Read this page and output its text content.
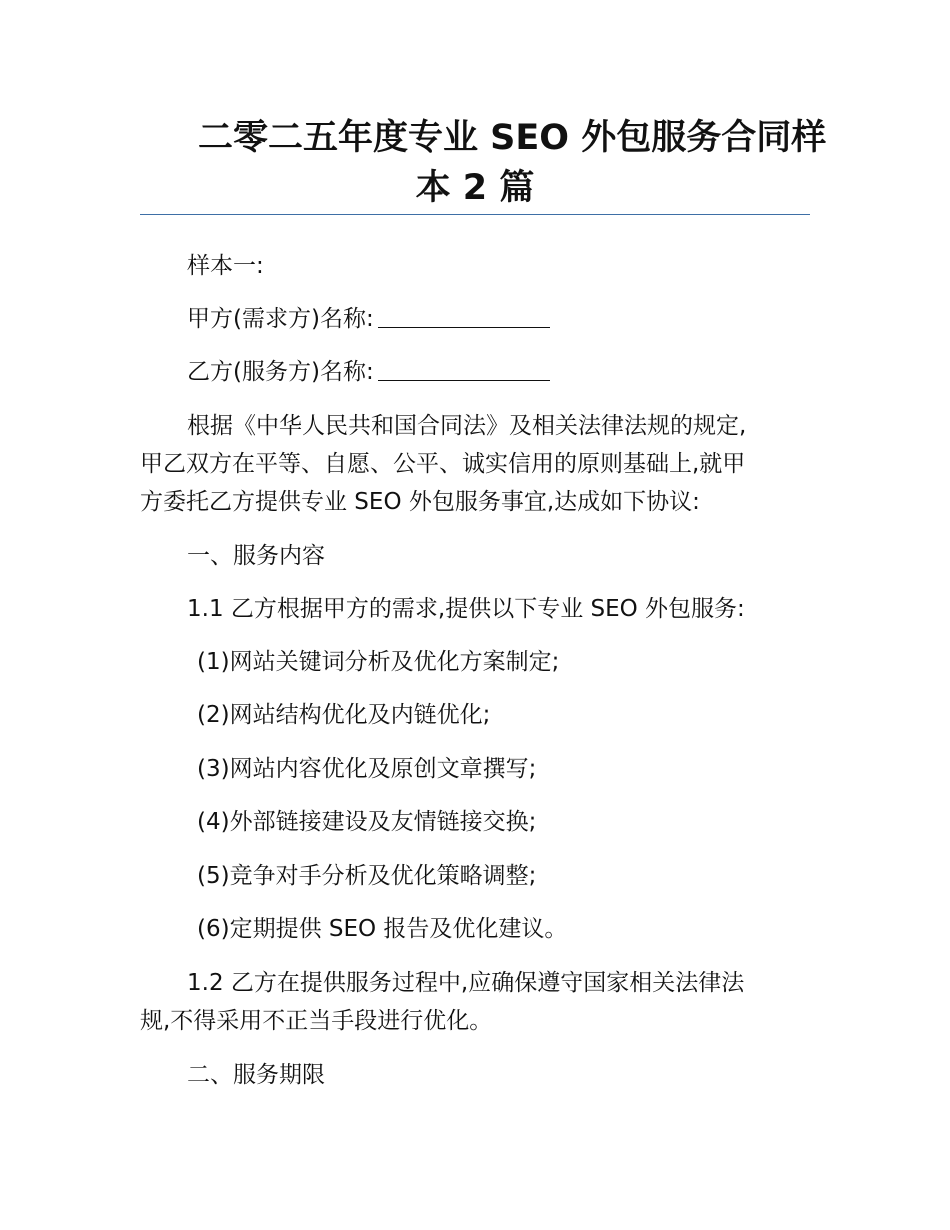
二零二五年度专业 SEO 外包服务合同样
本 2 篇
样本一:
甲方(需求方)名称:
乙方(服务方)名称:
根据《中华人民共和国合同法》及相关法律法规的规定,
甲乙双方在平等、自愿、公平、诚实信用的原则基础上,就甲
方委托乙方提供专业 SEO 外包服务事宜,达成如下协议:
一、服务内容
1.1 乙方根据甲方的需求,提供以下专业 SEO 外包服务:
(1)网站关键词分析及优化方案制定;
(2)网站结构优化及内链优化;
(3)网站内容优化及原创文章撰写;
(4)外部链接建设及友情链接交换;
(5)竞争对手分析及优化策略调整;
(6)定期提供 SEO 报告及优化建议。
1.2 乙方在提供服务过程中,应确保遵守国家相关法律法
规,不得采用不正当手段进行优化。
二、服务期限
